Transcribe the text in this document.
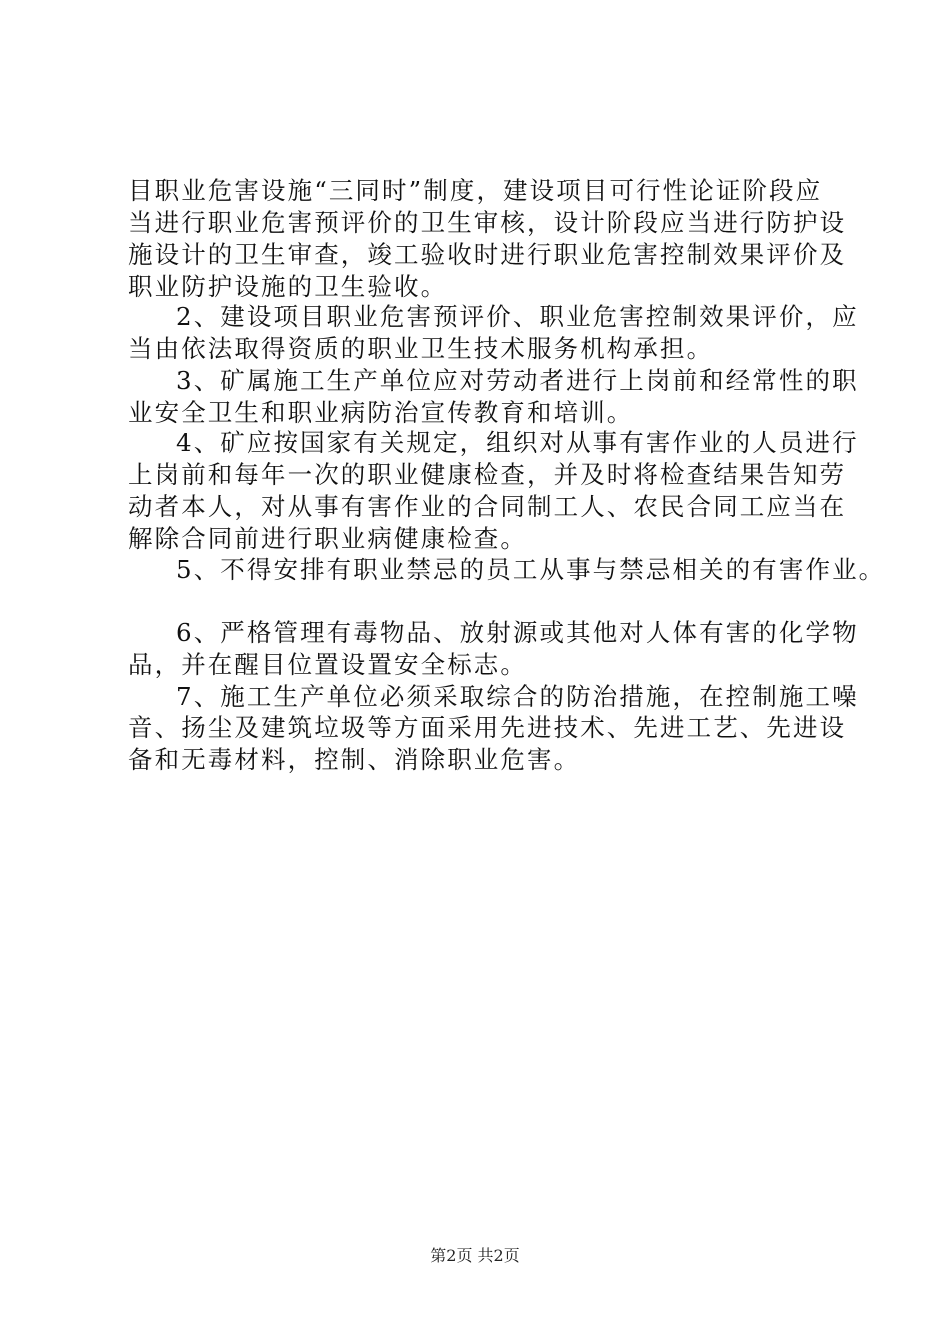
目职业危害设施“三同时”制度，建设项目可行性论证阶段应
当进行职业危害预评价的卫生审核，设计阶段应当进行防护设
施设计的卫生审查，竣工验收时进行职业危害控制效果评价及
职业防护设施的卫生验收。
2、建设项目职业危害预评价、职业危害控制效果评价，应
当由依法取得资质的职业卫生技术服务机构承担。
3、矿属施工生产单位应对劳动者进行上岗前和经常性的职
业安全卫生和职业病防治宣传教育和培训。
4、矿应按国家有关规定，组织对从事有害作业的人员进行
上岗前和每年一次的职业健康检查，并及时将检查结果告知劳
动者本人，对从事有害作业的合同制工人、农民合同工应当在
解除合同前进行职业病健康检查。
5、不得安排有职业禁忌的员工从事与禁忌相关的有害作业。
6、严格管理有毒物品、放射源或其他对人体有害的化学物
品，并在醒目位置设置安全标志。
7、施工生产单位必须采取综合的防治措施，在控制施工噪
音、扬尘及建筑垃圾等方面采用先进技术、先进工艺、先进设
备和无毒材料，控制、消除职业危害。
第2页 共2页
